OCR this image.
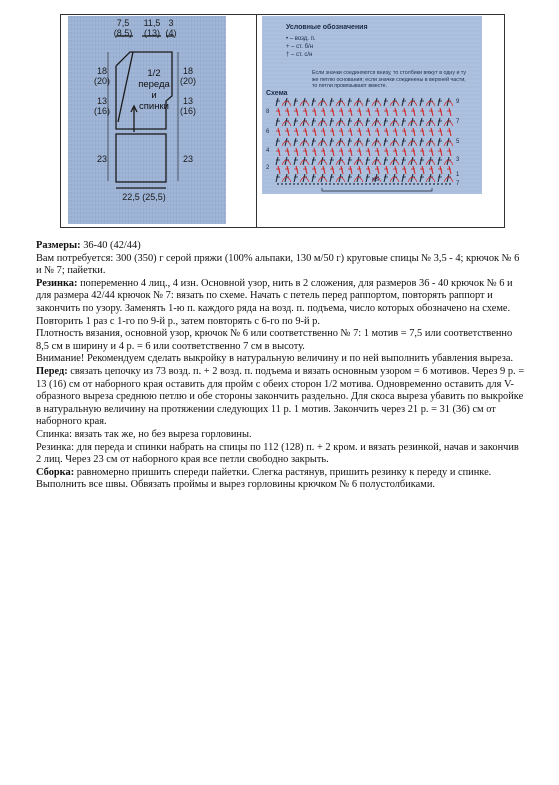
7,5
(8,5)
11,5
(13)
3
(4)
18
(20)
13
(16)
23
18
(20)
13
(16)
23
1/2
переда
и
спинки
22,5 (25,5)
Условные обозначения
• – возд. п.
+ – ст. б/н
† – ст. с/н
Если значки соединяются внизу, то столбики вяжут в одну и ту же петлю основания; если значки соединены в верхней части, то петли провязывают вместе.
Схема
9
7
5
3
1
8
6
4
2
мs
7

Размеры: 36-40 (42/44)

Вам потребуется: 300 (350) г серой пряжи (100% альпаки, 130 м/50 г) круговые спицы № 3,5 - 4; крючок № 6 и № 7; пайетки.

Резинка: попеременно 4 лиц., 4 изн. Основной узор, нить в 2 сложения, для размеров 36 - 40 крючок № 6 и для размера 42/44 крючок № 7: вязать по схеме. Начать с петель перед раппортом, повторять раппорт и закончить по узору. Заменять 1-ю п. каждого ряда на возд. п. подъема, число которых обозначено на схеме. Повторить 1 раз с 1-го по 9-й р., затем повторять с 6-го по 9-й р.

Плотность вязания, основной узор, крючок № 6 или соответственно № 7: 1 мотив = 7,5 или соответственно 8,5 см в ширину и 4 р. = 6 или соответственно 7 см в высоту.

Внимание! Рекомендуем сделать выкройку в натуральную величину и по ней выполнить убавления выреза.

Перед: связать цепочку из 73 возд. п. + 2 возд. п. подъема и вязать основным узором = 6 мотивов. Через 9 р. = 13 (16) см от наборного края оставить для пройм с обеих сторон 1/2 мотива. Одновременно оставить для V-образного выреза среднюю петлю и обе стороны закончить раздельно. Для скоса выреза убавить по выкройке в натуральную величину на протяжении следующих 11 р. 1 мотив. Закончить через 21 р. = 31 (36) см от наборного края.

Спинка: вязать так же, но без выреза горловины.

Резинка: для переда и спинки набрать на спицы по 112 (128) п. + 2 кром. и вязать резинкой, начав и закончив 2 лиц. Через 23 см от наборного края все петли свободно закрыть.

Сборка: равномерно пришить спереди пайетки. Слегка растянув, пришить резинку к переду и спинке. Выполнить все швы. Обвязать проймы и вырез горловины крючком № 6 полустолбиками.
